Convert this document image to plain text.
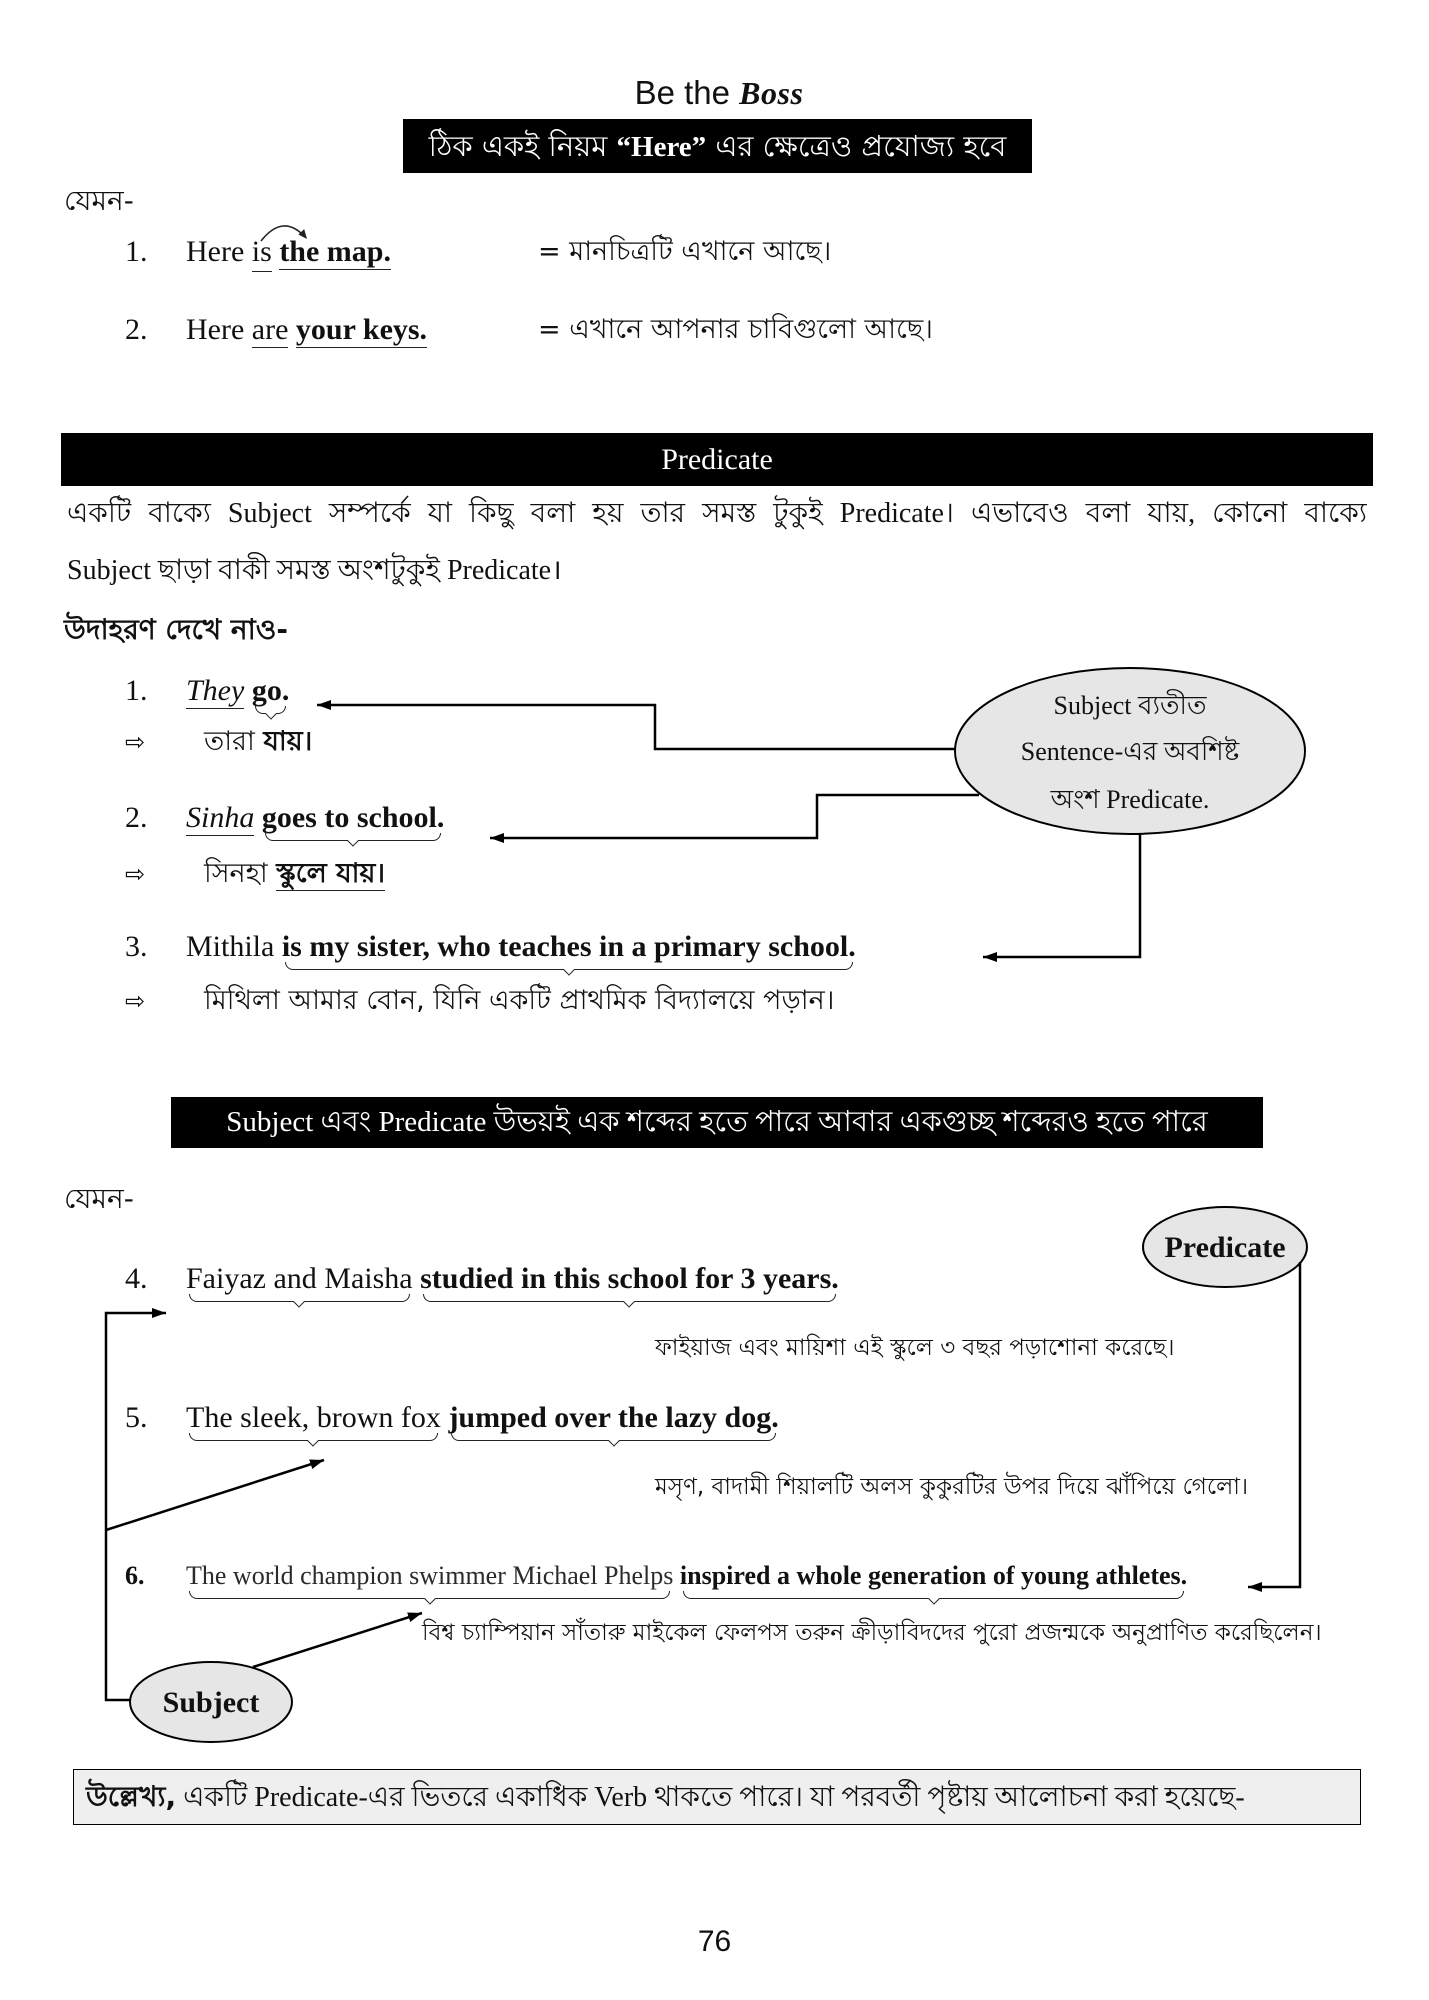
Be the Boss
ঠিক একই নিয়ম “Here” এর ক্ষেত্রেও প্রযোজ্য হবে
যেমন-
1. Here is the map.	= মানচিত্রটি এখানে আছে।
2. Here are your keys.	= এখানে আপনার চাবিগুলো আছে।
Predicate
একটি বাক্যে Subject সম্পর্কে যা কিছু বলা হয় তার সমস্ত টুকুই Predicate। এভাবেও বলা যায়, কোনো বাক্যে
Subject ছাড়া বাকী সমস্ত অংশটুকুই Predicate।
উদাহরণ দেখে নাও-
1. They go.
⇨ তারা যায়।
2. Sinha goes to school.
⇨ সিনহা স্কুলে যায়।
3. Mithila is my sister, who teaches in a primary school.
⇨ মিথিলা আমার বোন, যিনি একটি প্রাথমিক বিদ্যালয়ে পড়ান।
Subject এবং Predicate উভয়ই এক শব্দের হতে পারে আবার একগুচ্ছ শব্দেরও হতে পারে
যেমন-
4. Faiyaz and Maisha studied in this school for 3 years.
ফাইয়াজ এবং মায়িশা এই স্কুলে ৩ বছর পড়াশোনা করেছে।
5. The sleek, brown fox jumped over the lazy dog.
মসৃণ, বাদামী শিয়ালটি অলস কুকুরটির উপর দিয়ে ঝাঁপিয়ে গেলো।
6. The world champion swimmer Michael Phelps inspired a whole generation of young athletes.
বিশ্ব চ্যাম্পিয়ান সাঁতারু মাইকেল ফেলপস তরুন ক্রীড়াবিদদের পুরো প্রজন্মকে অনুপ্রাণিত করেছিলেন।
উল্লেখ্য, একটি Predicate-এর ভিতরে একাধিক Verb থাকতে পারে। যা পরবর্তী পৃষ্টায় আলোচনা করা হয়েছে-
76
Subject ব্যতীত
Sentence-এর অবশিষ্ট
অংশ Predicate.
Predicate
Subject
